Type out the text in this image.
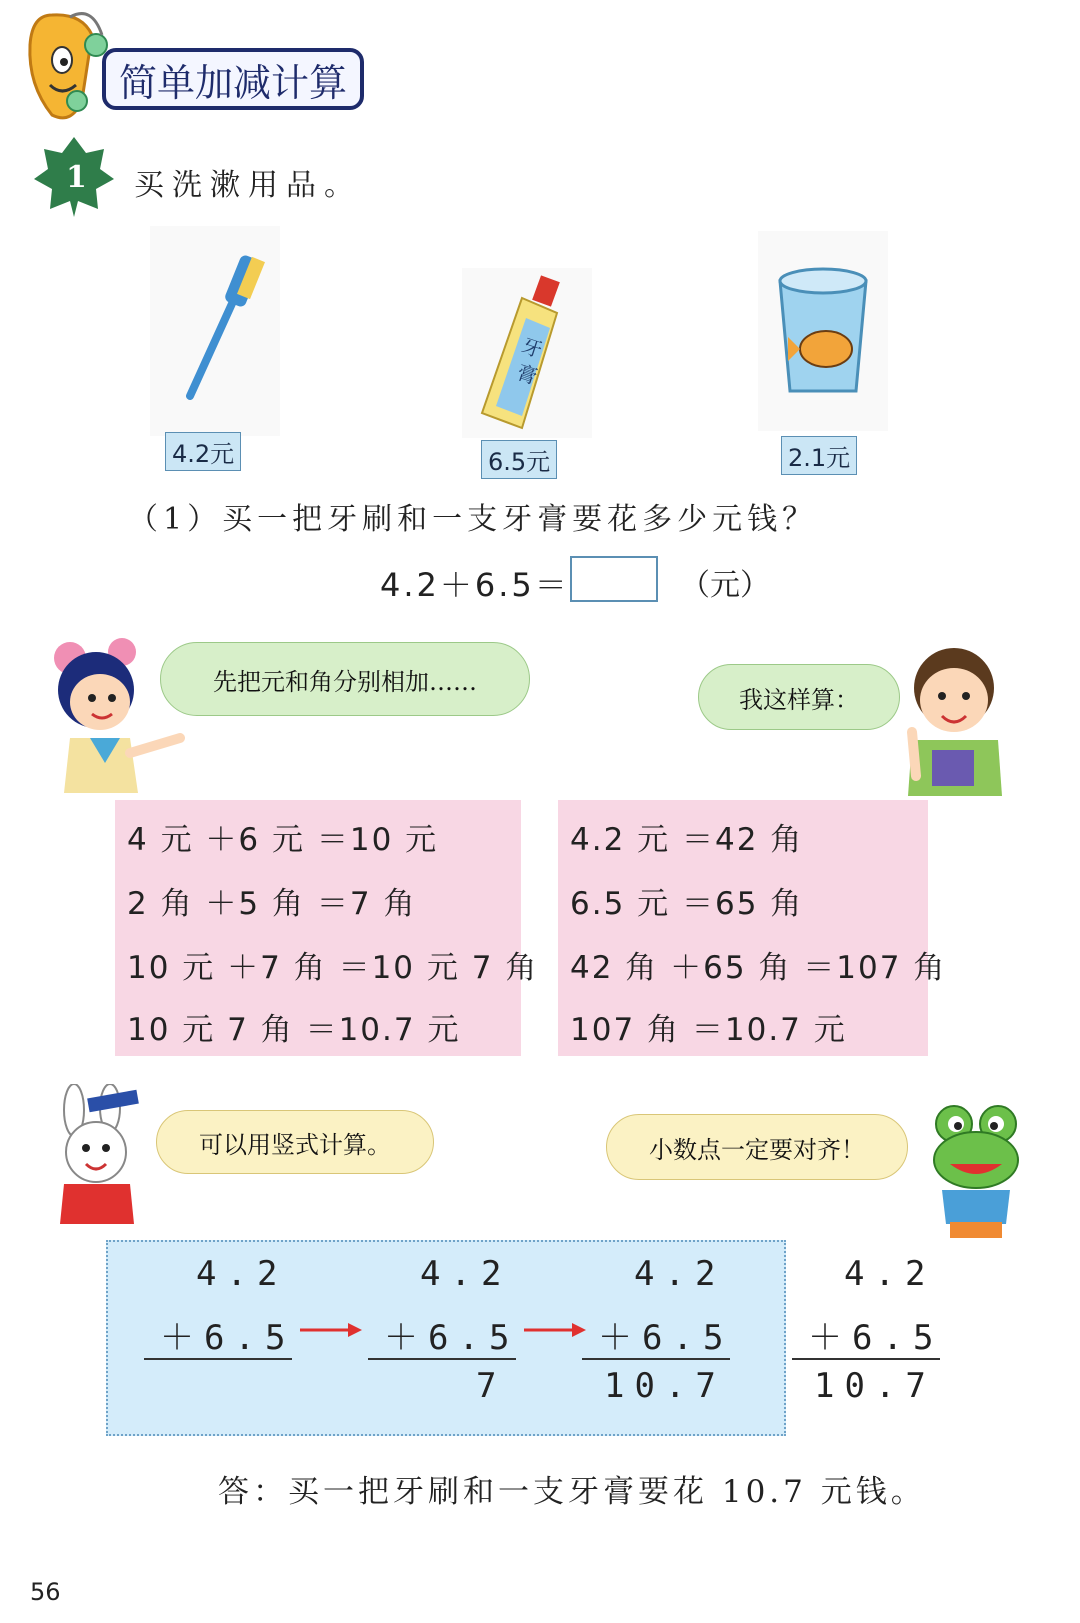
简单加减计算
1 买洗漱用品。
4.2元
牙
膏
6.5元	2.1元
（1）买一把牙刷和一支牙膏要花多少元钱？
4.2＋6.5＝	（元）
先把元和角分别相加……
我这样算：
4 元 ＋6 元 ＝10 元
2 角 ＋5 角 ＝7 角
10 元 ＋7 角 ＝10 元 7 角
10 元 7 角 ＝10.7 元
4.2 元 ＝42 角
6.5 元 ＝65 角
42 角 ＋65 角 ＝107 角
107 角 ＝10.7 元
可以用竖式计算。	小数点一定要对齐！
4.2
＋6.5
4.2
＋6.5
7
4.2
＋6.5
10.7
4.2
＋6.5
10.7
答：买一把牙刷和一支牙膏要花 10.7 元钱。
56
